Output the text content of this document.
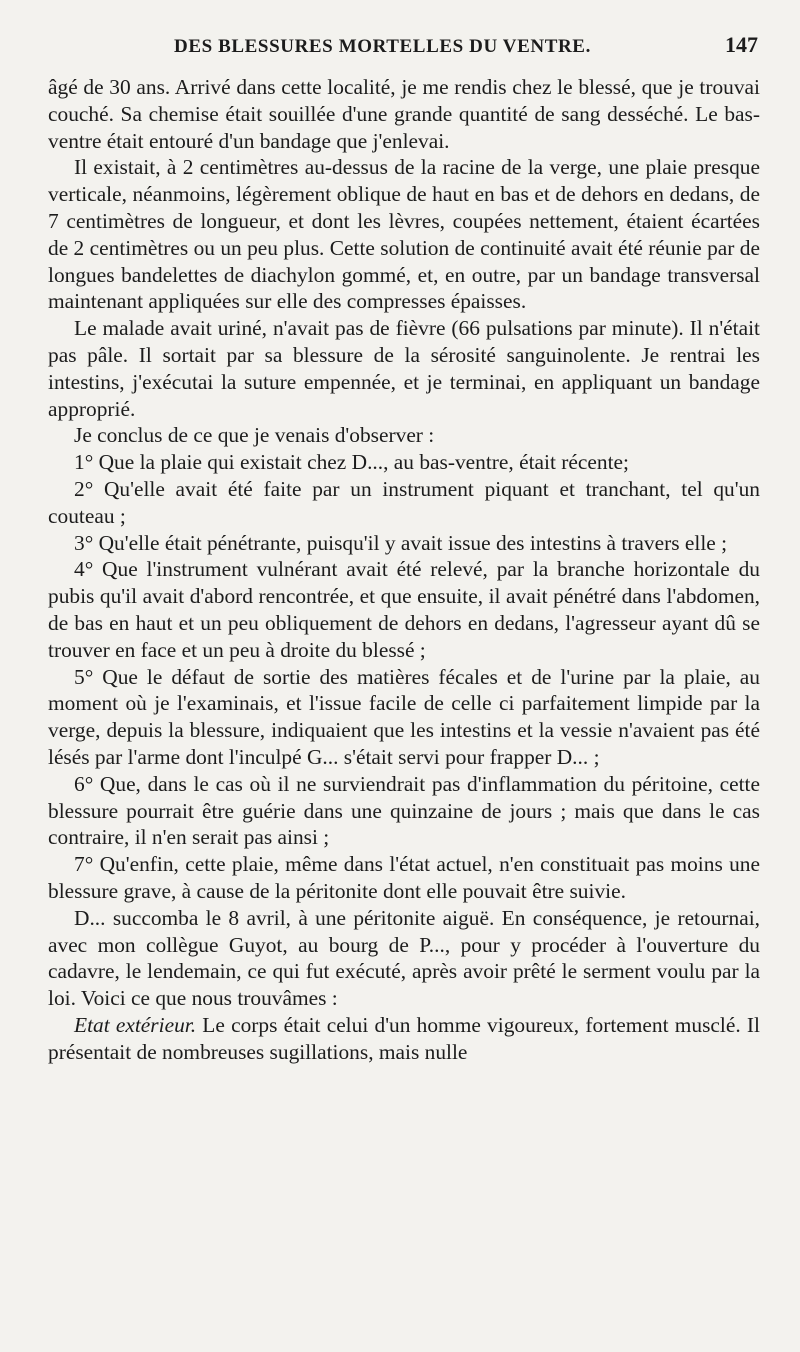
DES BLESSURES MORTELLES DU VENTRE.	147

âgé de 30 ans. Arrivé dans cette localité, je me rendis chez le blessé, que je trouvai couché. Sa chemise était souillée d'une grande quantité de sang desséché. Le bas-ventre était entouré d'un bandage que j'enlevai.

Il existait, à 2 centimètres au-dessus de la racine de la verge, une plaie presque verticale, néanmoins, légèrement oblique de haut en bas et de dehors en dedans, de 7 centimètres de longueur, et dont les lèvres, coupées nettement, étaient écartées de 2 centimètres ou un peu plus. Cette solution de continuité avait été réunie par de longues bandelettes de diachylon gommé, et, en outre, par un bandage transversal maintenant appliquées sur elle des compresses épaisses.

Le malade avait uriné, n'avait pas de fièvre (66 pulsations par minute). Il n'était pas pâle. Il sortait par sa blessure de la sérosité sanguinolente. Je rentrai les intestins, j'exécutai la suture empennée, et je terminai, en appliquant un bandage approprié.

Je conclus de ce que je venais d'observer :

1° Que la plaie qui existait chez D..., au bas-ventre, était récente;

2° Qu'elle avait été faite par un instrument piquant et tranchant, tel qu'un couteau ;

3° Qu'elle était pénétrante, puisqu'il y avait issue des intestins à travers elle ;

4° Que l'instrument vulnérant avait été relevé, par la branche horizontale du pubis qu'il avait d'abord rencontrée, et que ensuite, il avait pénétré dans l'abdomen, de bas en haut et un peu obliquement de dehors en dedans, l'agresseur ayant dû se trouver en face et un peu à droite du blessé ;

5° Que le défaut de sortie des matières fécales et de l'urine par la plaie, au moment où je l'examinais, et l'issue facile de celle ci parfaitement limpide par la verge, depuis la blessure, indiquaient que les intestins et la vessie n'avaient pas été lésés par l'arme dont l'inculpé G... s'était servi pour frapper D... ;

6° Que, dans le cas où il ne surviendrait pas d'inflammation du péritoine, cette blessure pourrait être guérie dans une quinzaine de jours ; mais que dans le cas contraire, il n'en serait pas ainsi ;

7° Qu'enfin, cette plaie, même dans l'état actuel, n'en constituait pas moins une blessure grave, à cause de la péritonite dont elle pouvait être suivie.

D... succomba le 8 avril, à une péritonite aiguë. En conséquence, je retournai, avec mon collègue Guyot, au bourg de P..., pour y procéder à l'ouverture du cadavre, le lendemain, ce qui fut exécuté, après avoir prêté le serment voulu par la loi. Voici ce que nous trouvâmes :

Etat extérieur. Le corps était celui d'un homme vigoureux, fortement musclé. Il présentait de nombreuses sugillations, mais nulle
